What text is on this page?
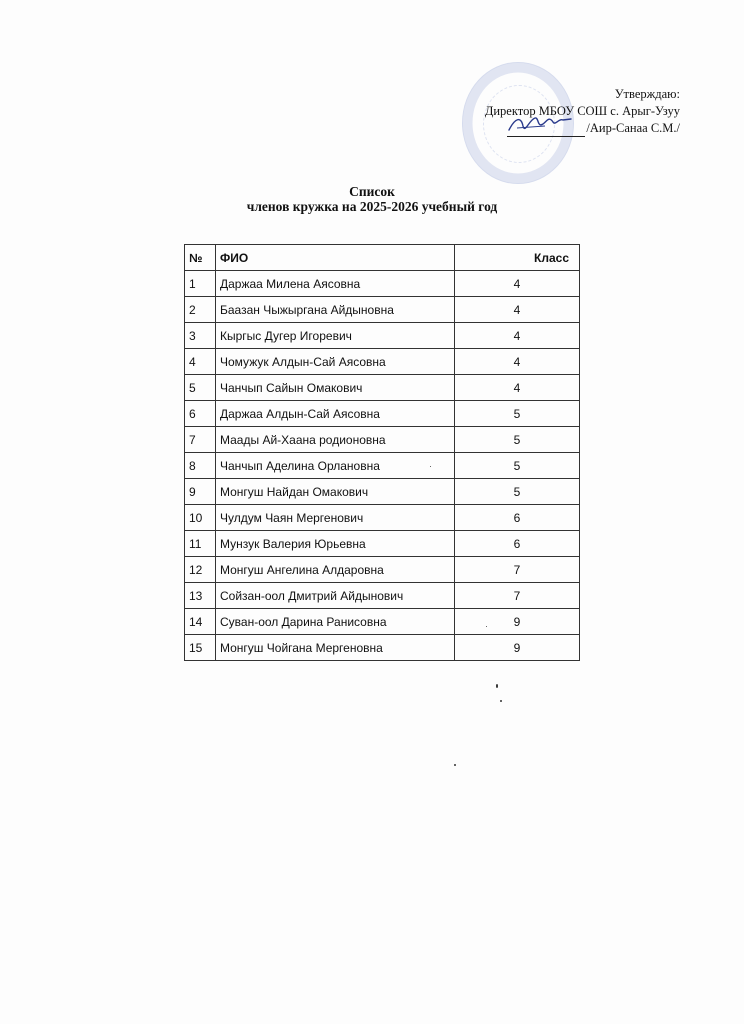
Утверждаю:
Директор МБОУ СОШ с. Арыг-Узуу
/Аир-Санаа С.М./
Список
членов кружка на 2025-2026 учебный год
№	ФИО	Класс
1	Даржаа Милена Аясовна	4
2	Баазан Чыжыргана Айдыновна	4
3	Кыргыс Дугер Игоревич	4
4	Чомужук Алдын-Сай Аясовна	4
5	Чанчып Сайын Омакович	4
6	Даржаа Алдын-Сай Аясовна	5
7	Маады Ай-Хаана родионовна	5
8	Чанчып Аделина Орлановна	5
9	Монгуш Найдан Омакович	5
10	Чулдум Чаян Мергенович	6
11	Мунзук Валерия Юрьевна	6
12	Монгуш Ангелина Алдаровна	7
13	Сойзан-оол Дмитрий Айдынович	7
14	Суван-оол Дарина Ранисовна	9
15	Монгуш Чойгана Мергеновна	9
